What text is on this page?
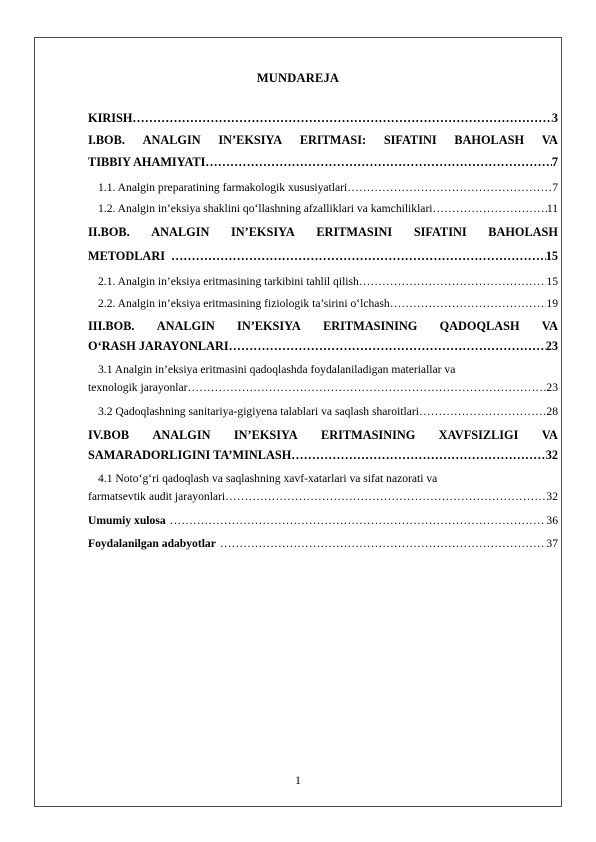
MUNDAREJA
KIRISH ……………………………………………………………………………………………………………………………………………………………………………	3
I.BOB. ANALGIN IN’EKSIYA ERITMASI: SIFATINI BAHOLASH VA
TIBBIY AHAMIYATI ……………………………………………………………………………………………………………………………………………………………………………	7
1.1. Analgin preparatining farmakologik xususiyatlari ……………………………………………………………………………………………………………………………………………………………………………	7
1.2. Analgin in’eksiya shaklini qo‘llashning afzalliklari va kamchiliklari ……………………………………………………………………………………………………………………………………………………………………………	11
II.BOB. ANALGIN IN’EKSIYA ERITMASINI SIFATINI BAHOLASH
METODLARI ……………………………………………………………………………………………………………………………………………………………………………	15
2.1. Analgin in’eksiya eritmasining tarkibini tahlil qilish ……………………………………………………………………………………………………………………………………………………………………………	15
2.2. Analgin in’eksiya eritmasining fiziologik ta’sirini o‘lchash ……………………………………………………………………………………………………………………………………………………………………………	19
III.BOB. ANALGIN IN’EKSIYA ERITMASINING QADOQLASH VA
O‘RASH JARAYONLARI ……………………………………………………………………………………………………………………………………………………………………………	23
3.1 Analgin in’eksiya eritmasini qadoqlashda foydalaniladigan materiallar va
texnologik jarayonlar ……………………………………………………………………………………………………………………………………………………………………………	23
3.2 Qadoqlashning sanitariya-gigiyena talablari va saqlash sharoitlari ……………………………………………………………………………………………………………………………………………………………………………	28
IV.BOB ANALGIN IN’EKSIYA ERITMASINING XAVFSIZLIGI VA
SAMARADORLIGINI TA’MINLASH ……………………………………………………………………………………………………………………………………………………………………………	32
4.1 Noto‘g‘ri qadoqlash va saqlashning xavf-xatarlari va sifat nazorati va
farmatsevtik audit jarayonlari ……………………………………………………………………………………………………………………………………………………………………………	32
Umumiy xulosa ……………………………………………………………………………………………………………………………………………………………………………	36
Foydalanilgan adabyotlar ……………………………………………………………………………………………………………………………………………………………………………	37
1
